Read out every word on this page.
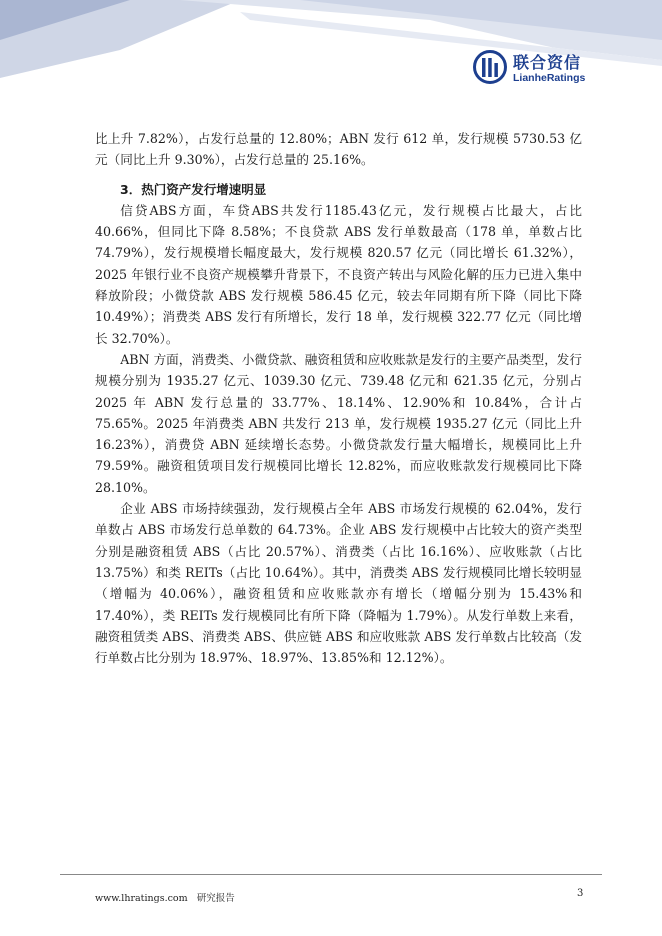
联合资信
LianheRatings

比上升 7.82%），占发行总量的 12.80%；ABN 发行 612 单，发行规模 5730.53 亿元（同比上升 9.30%），占发行总量的 25.16%。

3．热门资产发行增速明显

信贷ABS方面，车贷ABS共发行1185.43亿元，发行规模占比最大，占比40.66%，但同比下降 8.58%；不良贷款 ABS 发行单数最高（178 单，单数占比 74.79%），发行规模增长幅度最大，发行规模 820.57 亿元（同比增长 61.32%），2025 年银行业不良资产规模攀升背景下，不良资产转出与风险化解的压力已进入集中释放阶段；小微贷款 ABS 发行规模 586.45 亿元，较去年同期有所下降（同比下降 10.49%）；消费类 ABS 发行有所增长，发行 18 单，发行规模 322.77 亿元（同比增长 32.70%）。

ABN 方面，消费类、小微贷款、融资租赁和应收账款是发行的主要产品类型，发行规模分别为 1935.27 亿元、1039.30 亿元、739.48 亿元和 621.35 亿元，分别占 2025 年 ABN 发行总量的 33.77%、18.14%、12.90%和 10.84%，合计占 75.65%。2025 年消费类 ABN 共发行 213 单，发行规模 1935.27 亿元（同比上升 16.23%），消费贷 ABN 延续增长态势。小微贷款发行量大幅增长，规模同比上升 79.59%。融资租赁项目发行规模同比增长 12.82%，而应收账款发行规模同比下降 28.10%。

企业 ABS 市场持续强劲，发行规模占全年 ABS 市场发行规模的 62.04%，发行单数占 ABS 市场发行总单数的 64.73%。企业 ABS 发行规模中占比较大的资产类型分别是融资租赁 ABS（占比 20.57%）、消费类（占比 16.16%）、应收账款（占比 13.75%）和类 REITs（占比 10.64%）。其中，消费类 ABS 发行规模同比增长较明显（增幅为 40.06%），融资租赁和应收账款亦有增长（增幅分别为 15.43%和 17.40%），类 REITs 发行规模同比有所下降（降幅为 1.79%）。从发行单数上来看，融资租赁类 ABS、消费类 ABS、供应链 ABS 和应收账款 ABS 发行单数占比较高（发行单数占比分别为 18.97%、18.97%、13.85%和 12.12%）。

www.lhratings.com 研究报告	3
